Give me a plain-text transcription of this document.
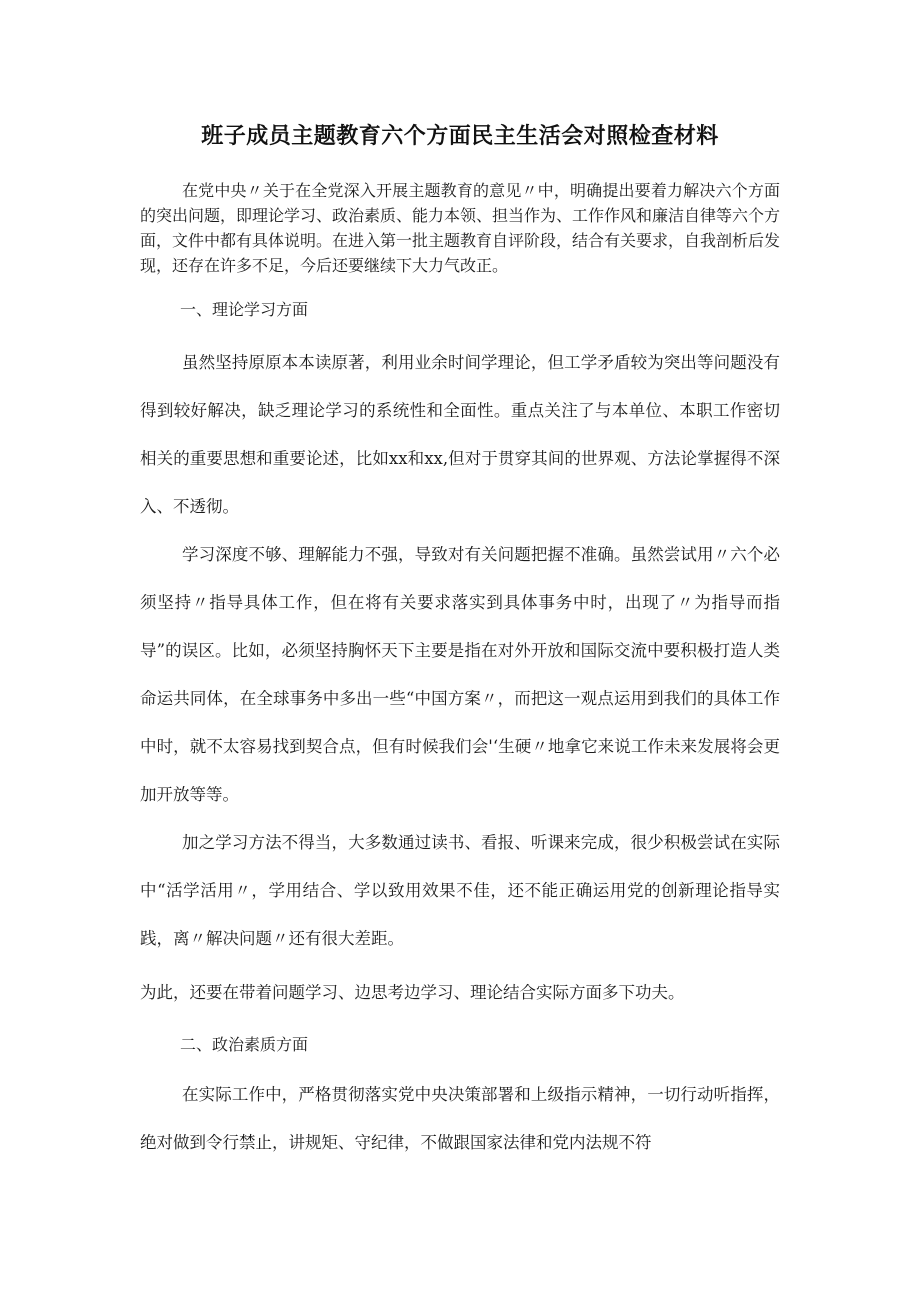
班子成员主题教育六个方面民主生活会对照检查材料

在党中央〃关于在全党深入开展主题教育的意见〃中，明确提出要着力解决六个方面的突出问题，即理论学习、政治素质、能力本领、担当作为、工作作风和廉洁自律等六个方面，文件中都有具体说明。在进入第一批主题教育自评阶段，结合有关要求，自我剖析后发现，还存在许多不足，今后还要继续下大力气改正。

一、理论学习方面

虽然坚持原原本本读原著，利用业余时间学理论，但工学矛盾较为突出等问题没有得到较好解决，缺乏理论学习的系统性和全面性。重点关注了与本单位、本职工作密切相关的重要思想和重要论述，比如xx和xx,但对于贯穿其间的世界观、方法论掌握得不深入、不透彻。

学习深度不够、理解能力不强，导致对有关问题把握不准确。虽然尝试用〃六个必须坚持〃指导具体工作，但在将有关要求落实到具体事务中时，出现了〃为指导而指导”的误区。比如，必须坚持胸怀天下主要是指在对外开放和国际交流中要积极打造人类命运共同体，在全球事务中多出一些“中国方案〃，而把这一观点运用到我们的具体工作中时，就不太容易找到契合点，但有时候我们会'‘生硬〃地拿它来说工作未来发展将会更加开放等等。

加之学习方法不得当，大多数通过读书、看报、听课来完成，很少积极尝试在实际中“活学活用〃，学用结合、学以致用效果不佳，还不能正确运用党的创新理论指导实践，离〃解决问题〃还有很大差距。

为此，还要在带着问题学习、边思考边学习、理论结合实际方面多下功夫。

二、政治素质方面

在实际工作中，严格贯彻落实党中央决策部署和上级指示精神，一切行动听指挥，绝对做到令行禁止，讲规矩、守纪律，不做跟国家法律和党内法规不符
